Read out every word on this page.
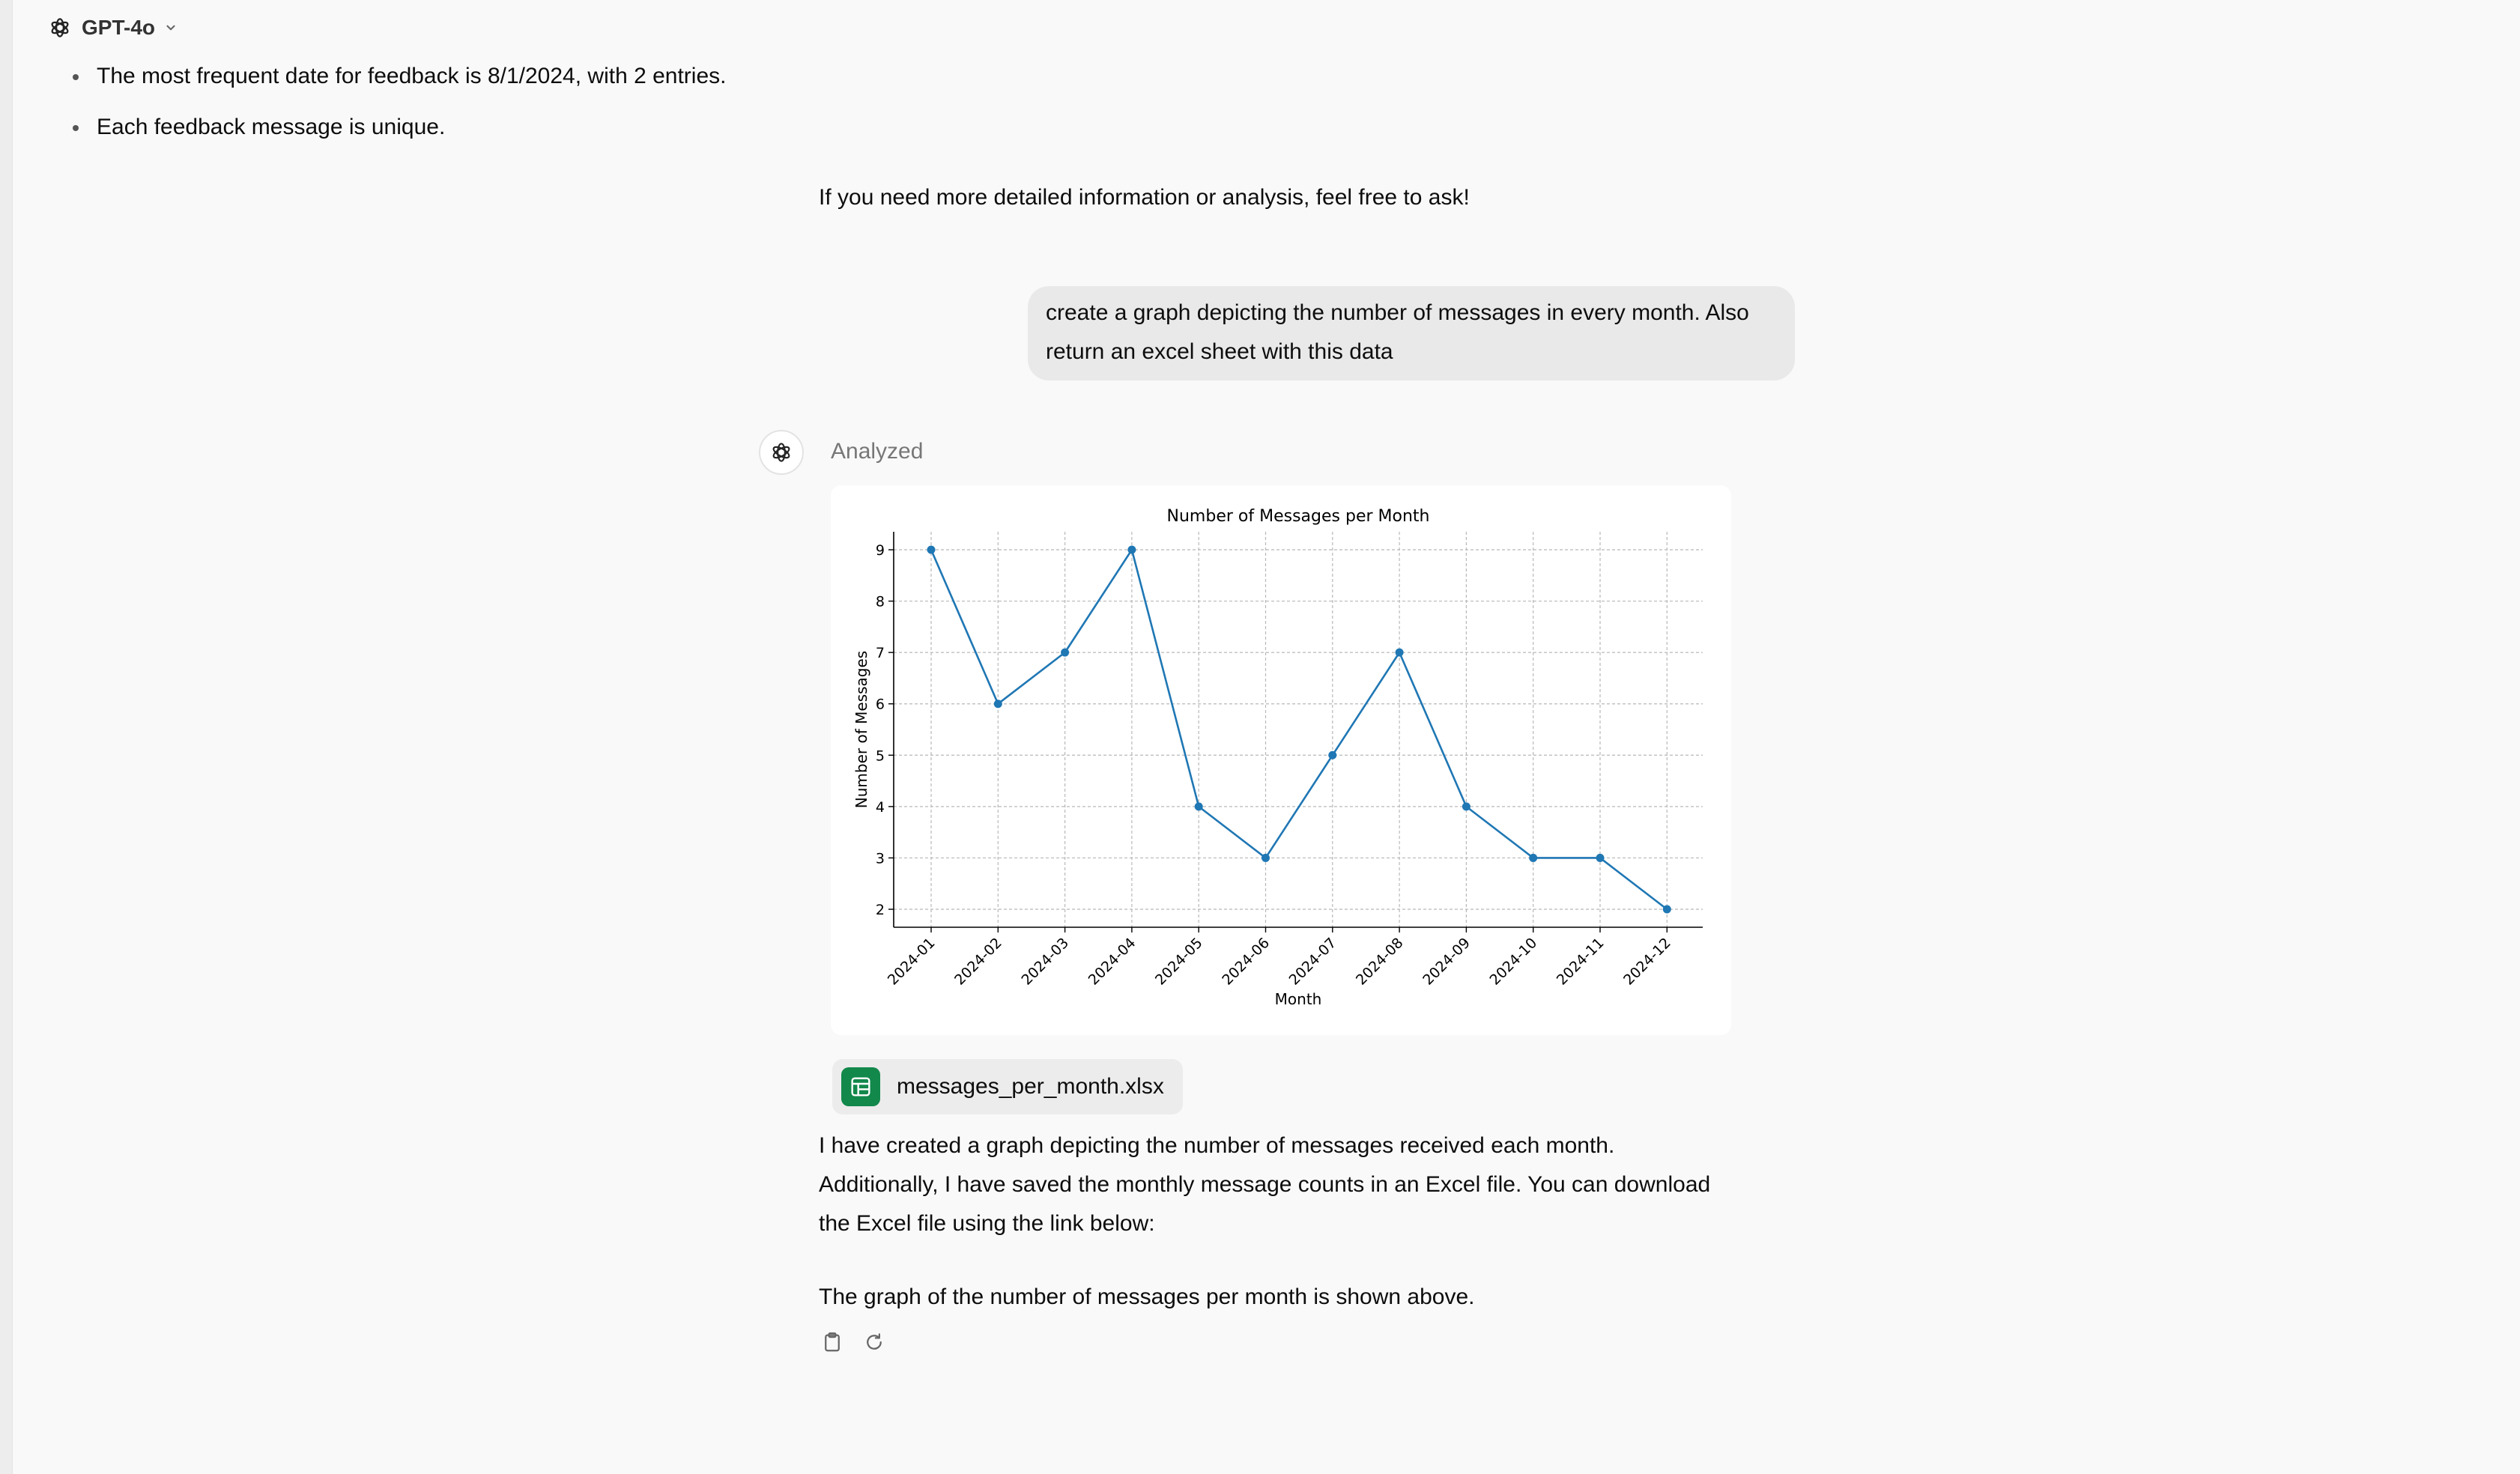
GPT-4o
The most frequent date for feedback is 8/1/2024, with 2 entries.
Each feedback message is unique.
If you need more detailed information or analysis, feel free to ask!
create a graph depicting the number of messages in every month. Also return an excel sheet with this data
Analyzed
Number of Messages per Month
2
3
4
5
6
7
8
9
2024-01 2024-02 2024-03 2024-04 2024-05 2024-06 2024-07 2024-08 2024-09 2024-10 2024-11 2024-12
Month
Number of Messages
messages_per_month.xlsx
I have created a graph depicting the number of messages received each month.
Additionally, I have saved the monthly message counts in an Excel file. You can download
the Excel file using the link below:
The graph of the number of messages per month is shown above.
